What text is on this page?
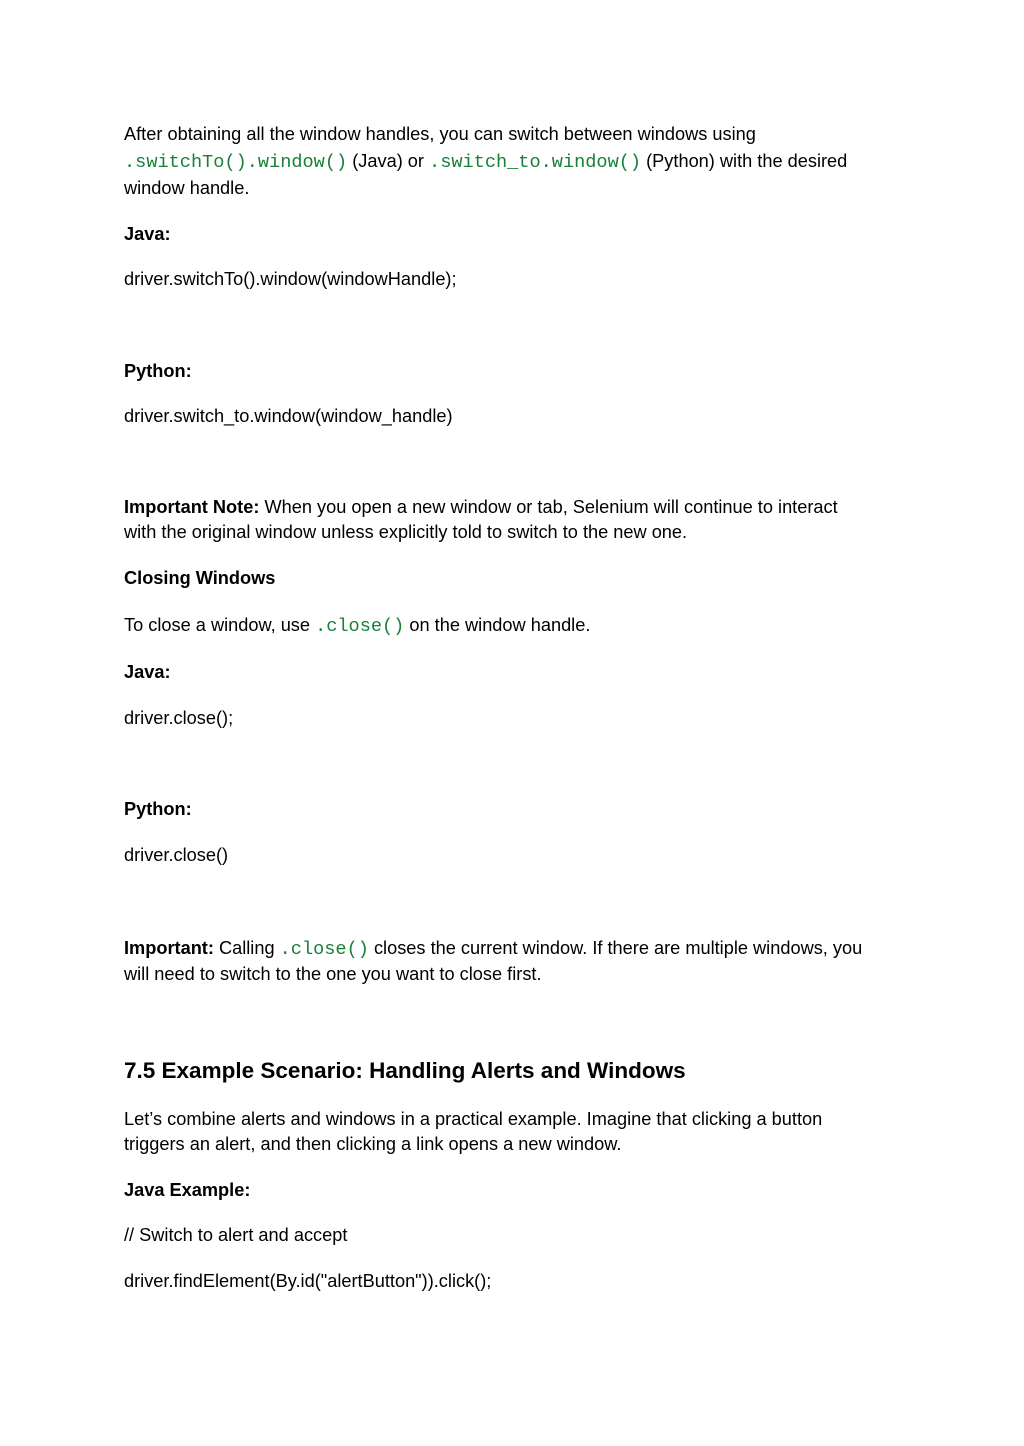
After obtaining all the window handles, you can switch between windows using
.switchTo().window() (Java) or .switch_to.window() (Python) with the desired
window handle.
Java:
driver.switchTo().window(windowHandle);
Python:
driver.switch_to.window(window_handle)
Important Note: When you open a new window or tab, Selenium will continue to interact
with the original window unless explicitly told to switch to the new one.
Closing Windows
To close a window, use .close() on the window handle.
Java:
driver.close();
Python:
driver.close()
Important: Calling .close() closes the current window. If there are multiple windows, you
will need to switch to the one you want to close first.
7.5 Example Scenario: Handling Alerts and Windows
Let’s combine alerts and windows in a practical example. Imagine that clicking a button
triggers an alert, and then clicking a link opens a new window.
Java Example:
// Switch to alert and accept
driver.findElement(By.id("alertButton")).click();
